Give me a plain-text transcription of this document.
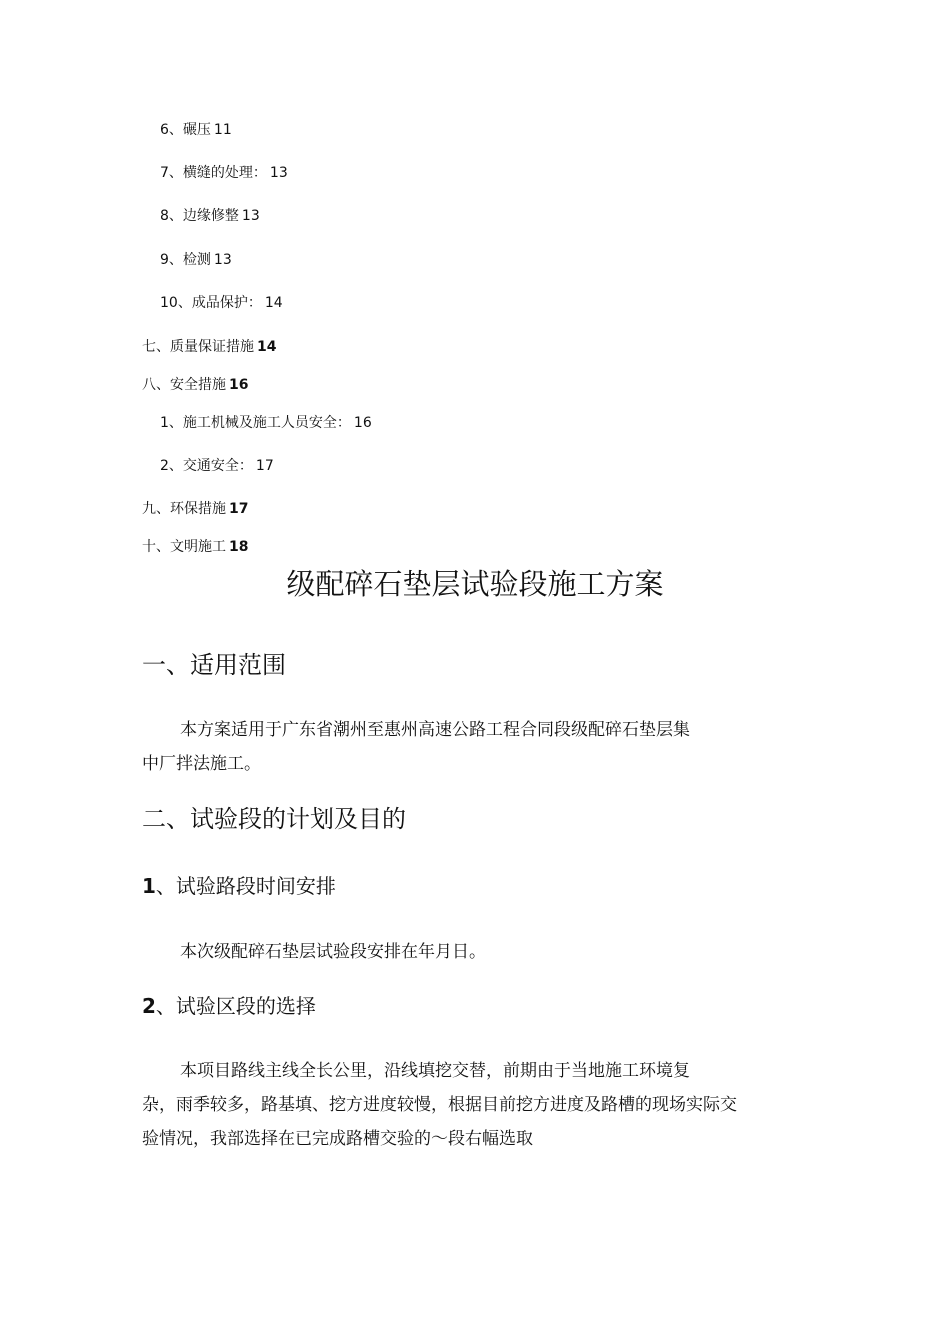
6、碾压 11
7、横缝的处理： 13
8、边缘修整 13
9、检测 13
10、成品保护： 14
七、质量保证措施 14
八、安全措施 16
1、施工机械及施工人员安全： 16
2、交通安全： 17
九、环保措施 17
十、文明施工 18
级配碎石垫层试验段施工方案
一、适用范围
本方案适用于广东省潮州至惠州高速公路工程合同段级配碎石垫层集
中厂拌法施工。
二、试验段的计划及目的
1、试验路段时间安排
本次级配碎石垫层试验段安排在年月日。
2、试验区段的选择
本项目路线主线全长公里，沿线填挖交替，前期由于当地施工环境复
杂，雨季较多，路基填、挖方进度较慢，根据目前挖方进度及路槽的现场实际交
验情况，我部选择在已完成路槽交验的～段右幅选取
